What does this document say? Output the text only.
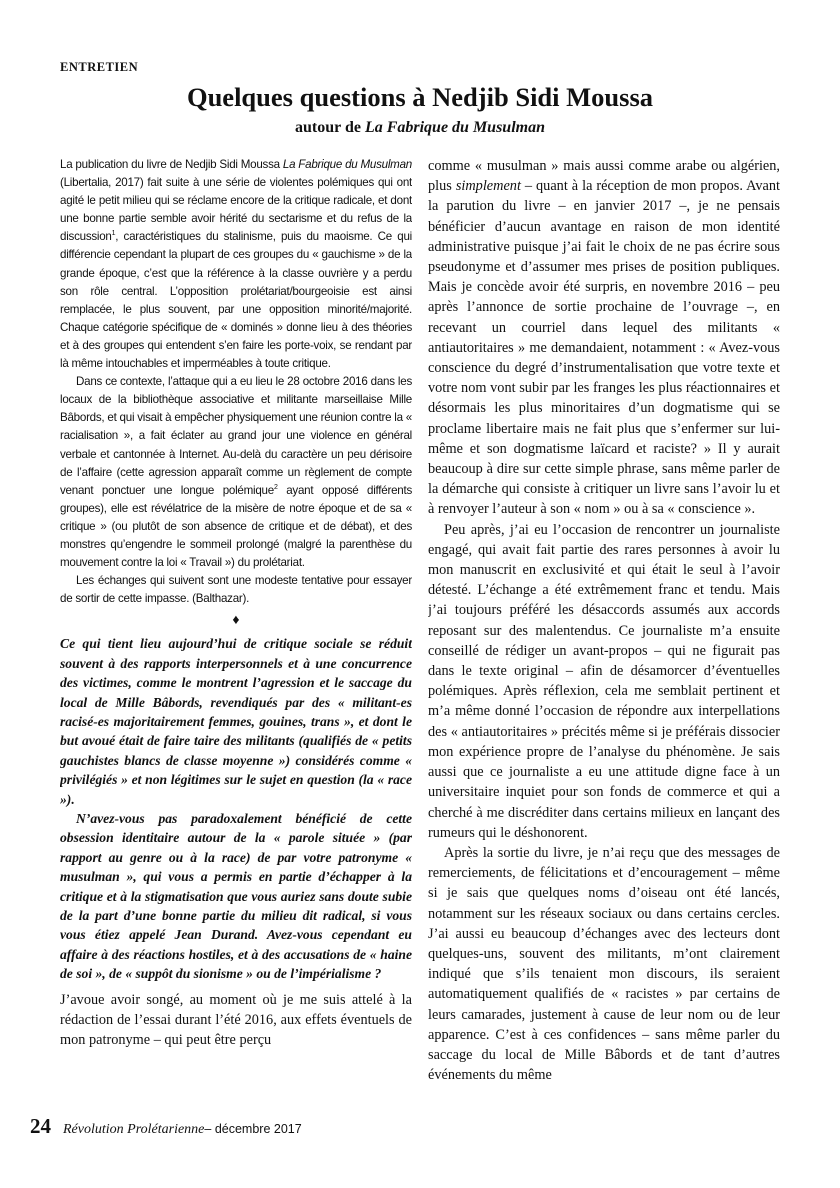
ENTRETIEN
Quelques questions à Nedjib Sidi Moussa
autour de La Fabrique du Musulman

La publication du livre de Nedjib Sidi Moussa La Fabrique du Musulman (Libertalia, 2017) fait suite à une série de violentes polémiques qui ont agité le petit milieu qui se réclame encore de la critique radicale, et dont une bonne partie semble avoir hérité du sectarisme et du refus de la discussion$^1$, caractéristiques du stalinisme, puis du maoisme. Ce qui différencie cependant la plupart de ces groupes du « gauchisme » de la grande époque, c’est que la référence à la classe ouvrière y a perdu son rôle central. L’opposition prolétariat/bourgeoisie est ainsi remplacée, le plus souvent, par une opposition minorité/majorité. Chaque catégorie spécifique de « dominés » donne lieu à des théories et à des groupes qui entendent s’en faire les porte-voix, se rendant par là même intouchables et imperméables à toute critique.

Dans ce contexte, l’attaque qui a eu lieu le 28 octobre 2016 dans les locaux de la bibliothèque associative et militante marseillaise Mille Bâbords, et qui visait à empêcher physiquement une réunion contre la « racialisation », a fait éclater au grand jour une violence en général verbale et cantonnée à Internet. Au-delà du caractère un peu dérisoire de l’affaire (cette agression apparaît comme un règlement de compte venant ponctuer une longue polémique$^2$ ayant opposé différents groupes), elle est révélatrice de la misère de notre époque et de sa « critique » (ou plutôt de son absence de critique et de débat), et des monstres qu’engendre le sommeil prolongé (malgré la parenthèse du mouvement contre la loi « Travail ») du prolétariat.

Les échanges qui suivent sont une modeste tentative pour essayer de sortir de cette impasse. (Balthazar).

♦

Ce qui tient lieu aujourd’hui de critique sociale se réduit souvent à des rapports interpersonnels et à une concurrence des victimes, comme le montrent l’agression et le saccage du local de Mille Bâbords, revendiqués par des « militant-es racisé-es majoritairement femmes, gouines, trans », et dont le but avoué était de faire taire des militants (qualifiés de « petits gauchistes blancs de classe moyenne ») considérés comme « privilégiés » et non légitimes sur le sujet en question (la « race »).

N’avez-vous pas paradoxalement bénéficié de cette obsession identitaire autour de la « parole située » (par rapport au genre ou à la race) de par votre patronyme « musulman », qui vous a permis en partie d’échapper à la critique et à la stigmatisation que vous auriez sans doute subie de la part d’une bonne partie du milieu dit radical, si vous vous étiez appelé Jean Durand. Avez-vous cependant eu affaire à des réactions hostiles, et à des accusations de « haine de soi », de « suppôt du sionisme » ou de l’impérialisme ?

J’avoue avoir songé, au moment où je me suis attelé à la rédaction de l’essai durant l’été 2016, aux effets éventuels de mon patronyme – qui peut être perçu

comme « musulman » mais aussi comme arabe ou algérien, plus simplement – quant à la réception de mon propos. Avant la parution du livre – en janvier 2017 –, je ne pensais bénéficier d’aucun avantage en raison de mon identité administrative puisque j’ai fait le choix de ne pas écrire sous pseudonyme et d’assumer mes prises de position publiques. Mais je concède avoir été surpris, en novembre 2016 – peu après l’annonce de sortie prochaine de l’ouvrage –, en recevant un courriel dans lequel des militants « antiautoritaires » me demandaient, notamment : « Avez-vous conscience du degré d’instrumentalisation que votre texte et votre nom vont subir par les franges les plus réactionnaires et désormais les plus minoritaires d’un dogmatisme qui se proclame libertaire mais ne fait plus que s’enfermer sur lui-même et son dogmatisme laïcard et raciste? » Il y aurait beaucoup à dire sur cette simple phrase, sans même parler de la démarche qui consiste à critiquer un livre sans l’avoir lu et à renvoyer l’auteur à son « nom » ou à sa « conscience ».

Peu après, j’ai eu l’occasion de rencontrer un journaliste engagé, qui avait fait partie des rares personnes à avoir lu mon manuscrit en exclusivité et qui était le seul à l’avoir détesté. L’échange a été extrêmement franc et tendu. Mais j’ai toujours préféré les désaccords assumés aux accords reposant sur des malentendus. Ce journaliste m’a ensuite conseillé de rédiger un avant-propos – qui ne figurait pas dans le texte original – afin de désamorcer d’éventuelles polémiques. Après réflexion, cela me semblait pertinent et m’a même donné l’occasion de répondre aux interpellations des « antiautoritaires » précités même si je préférais dissocier mon expérience propre de l’analyse du phénomène. Je sais aussi que ce journaliste a eu une attitude digne face à un universitaire inquiet pour son fonds de commerce et qui a cherché à me discréditer dans certains milieux en lançant des rumeurs qui le déshonorent.

Après la sortie du livre, je n’ai reçu que des messages de remerciements, de félicitations et d’encouragement – même si je sais que quelques noms d’oiseau ont été lancés, notamment sur les réseaux sociaux ou dans certains cercles. J’ai aussi eu beaucoup d’échanges avec des lecteurs dont quelques-uns, souvent des militants, m’ont clairement indiqué que s’ils tenaient mon discours, ils seraient automatiquement qualifiés de « racistes » par certains de leurs camarades, justement à cause de leur nom ou de leur apparence. C’est à ces confidences – sans même parler du saccage du local de Mille Bâbords et de tant d’autres événements du même

24 Révolution Prolétarienne – décembre 2017
